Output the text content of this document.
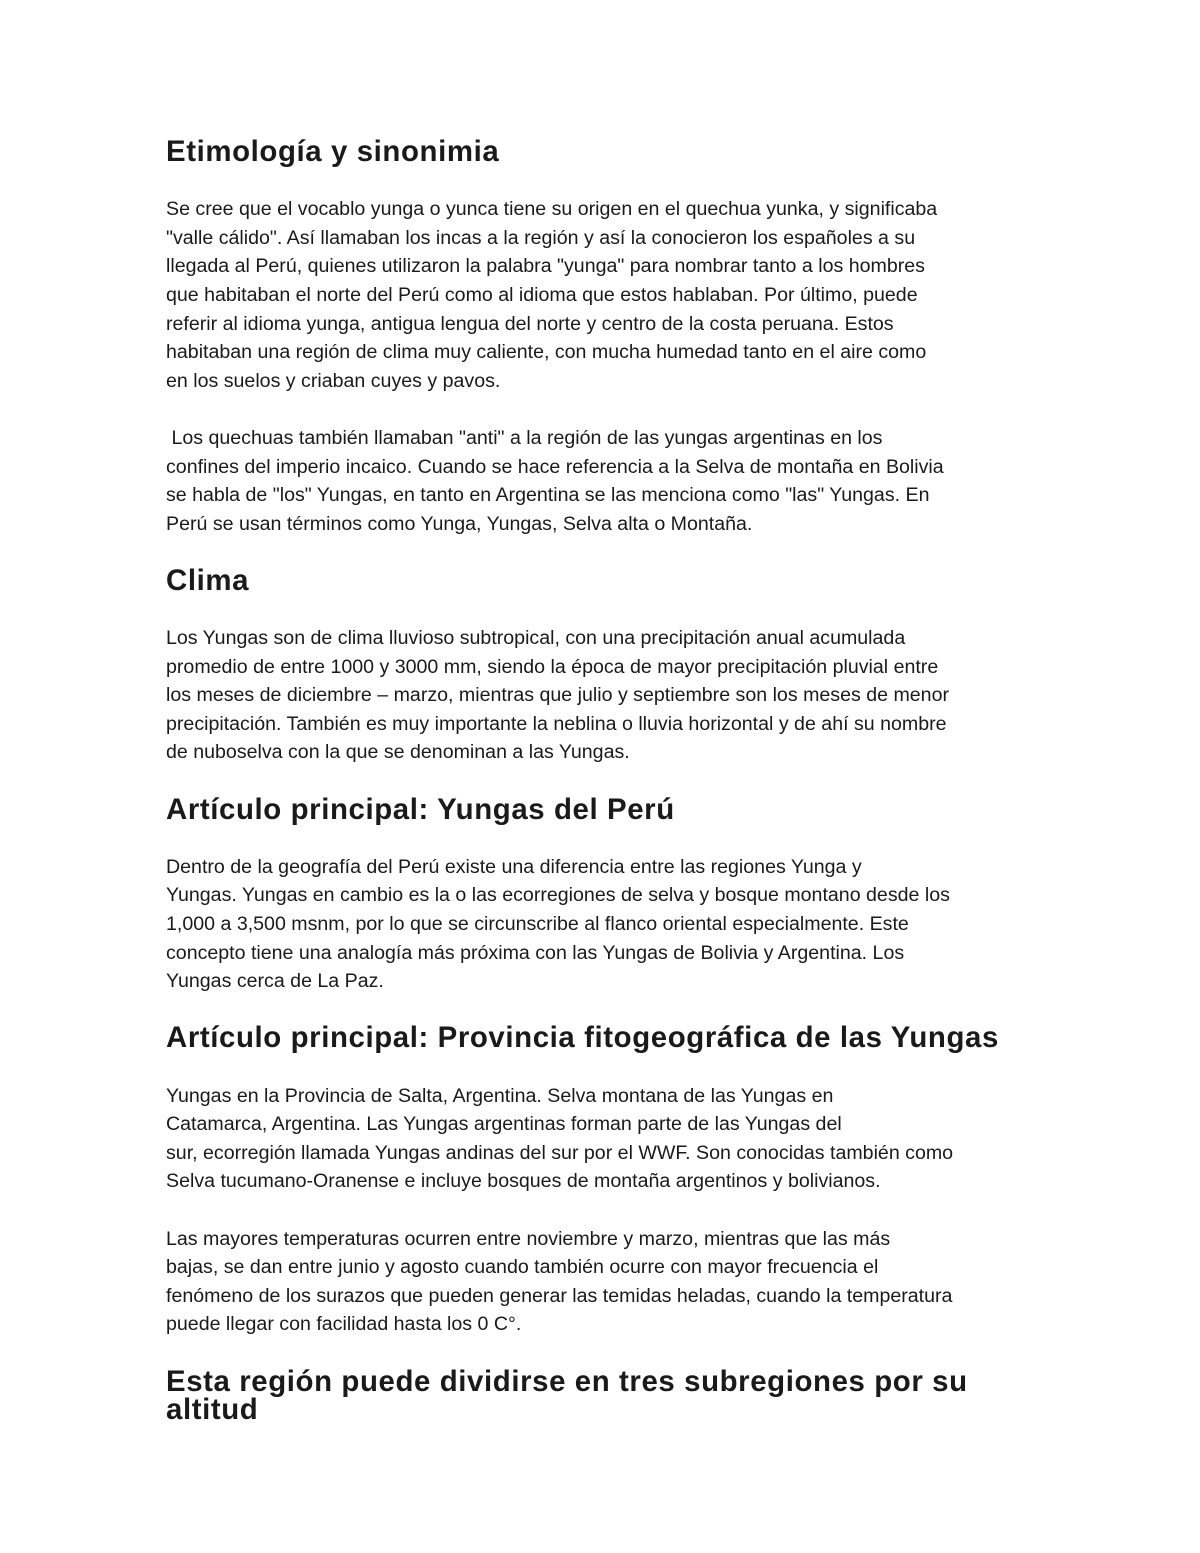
Etimología y sinonimia

Se cree que el vocablo yunga o yunca tiene su origen en el quechua yunka, y significaba
"valle cálido". Así llamaban los incas a la región y así la conocieron los españoles a su
llegada al Perú, quienes utilizaron la palabra "yunga" para nombrar tanto a los hombres
que habitaban el norte del Perú como al idioma que estos hablaban. Por último, puede
referir al idioma yunga, antigua lengua del norte y centro de la costa peruana. Estos
habitaban una región de clima muy caliente, con mucha humedad tanto en el aire como
en los suelos y criaban cuyes y pavos.

Los quechuas también llamaban "anti" a la región de las yungas argentinas en los
confines del imperio incaico. Cuando se hace referencia a la Selva de montaña en Bolivia
se habla de "los" Yungas, en tanto en Argentina se las menciona como "las" Yungas. En
Perú se usan términos como Yunga, Yungas, Selva alta o Montaña.

Clima

Los Yungas son de clima lluvioso subtropical, con una precipitación anual acumulada
promedio de entre 1000 y 3000 mm, siendo la época de mayor precipitación pluvial entre
los meses de diciembre – marzo, mientras que julio y septiembre son los meses de menor
precipitación. También es muy importante la neblina o lluvia horizontal y de ahí su nombre
de nuboselva con la que se denominan a las Yungas.

Artículo principal: Yungas del Perú

Dentro de la geografía del Perú existe una diferencia entre las regiones Yunga y
Yungas. Yungas en cambio es la o las ecorregiones de selva y bosque montano desde los
1,000 a 3,500 msnm, por lo que se circunscribe al flanco oriental especialmente. Este
concepto tiene una analogía más próxima con las Yungas de Bolivia y Argentina. Los
Yungas cerca de La Paz.

Artículo principal: Provincia fitogeográfica de las Yungas

Yungas en la Provincia de Salta, Argentina. Selva montana de las Yungas en
Catamarca, Argentina. Las Yungas argentinas forman parte de las Yungas del
sur, ecorregión llamada Yungas andinas del sur por el WWF. Son conocidas también como
Selva tucumano-Oranense e incluye bosques de montaña argentinos y bolivianos.

Las mayores temperaturas ocurren entre noviembre y marzo, mientras que las más
bajas, se dan entre junio y agosto cuando también ocurre con mayor frecuencia el
fenómeno de los surazos que pueden generar las temidas heladas, cuando la temperatura
puede llegar con facilidad hasta los 0 C°.

Esta región puede dividirse en tres subregiones por su altitud
